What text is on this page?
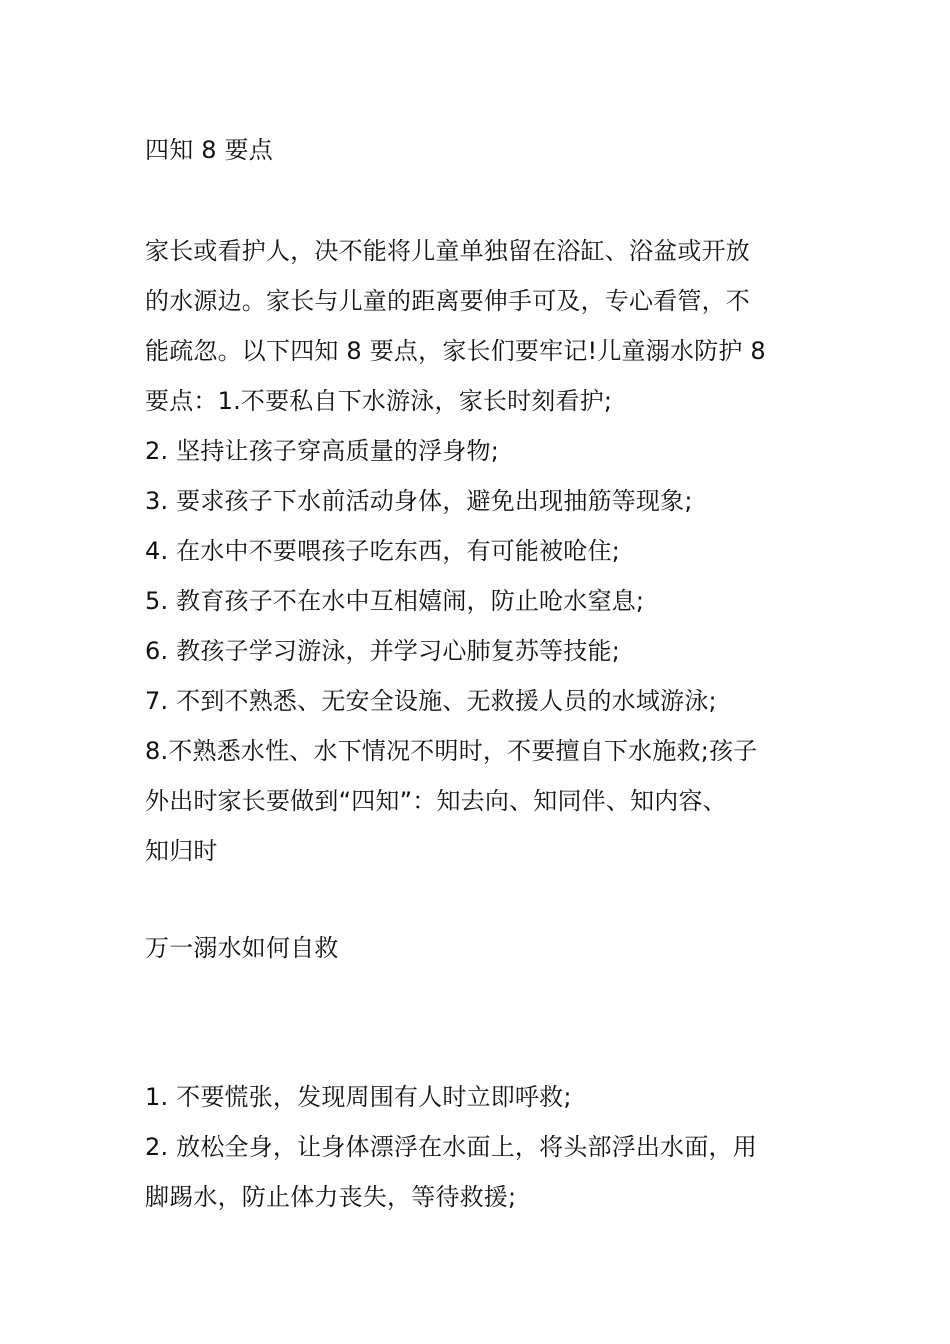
四知 8 要点
家长或看护人，决不能将儿童单独留在浴缸、浴盆或开放
的水源边。家长与儿童的距离要伸手可及，专心看管，不
能疏忽。以下四知 8 要点，家长们要牢记!儿童溺水防护 8
要点：1.不要私自下水游泳，家长时刻看护;
2. 坚持让孩子穿高质量的浮身物;
3. 要求孩子下水前活动身体，避免出现抽筋等现象;
4. 在水中不要喂孩子吃东西，有可能被呛住;
5. 教育孩子不在水中互相嬉闹，防止呛水窒息;
6. 教孩子学习游泳，并学习心肺复苏等技能;
7. 不到不熟悉、无安全设施、无救援人员的水域游泳;
8.不熟悉水性、水下情况不明时，不要擅自下水施救;孩子
外出时家长要做到“四知”：知去向、知同伴、知内容、
知归时
万一溺水如何自救
1. 不要慌张，发现周围有人时立即呼救;
2. 放松全身，让身体漂浮在水面上，将头部浮出水面，用
脚踢水，防止体力丧失，等待救援;
